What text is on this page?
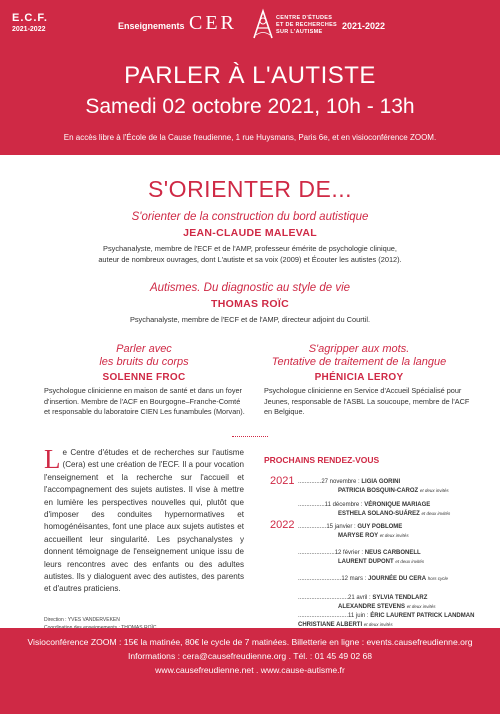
E.C.F.
2021-2022	Enseignements CER	CENTRE D'ÉTUDES
ET DE RECHERCHES
SUR L'AUTISME
2021-2022
PARLER À L'AUTISTE
Samedi 02 octobre 2021, 10h - 13h
En accès libre à l'École de la Cause freudienne, 1 rue Huysmans, Paris 6e, et en visioconférence ZOOM.
S'ORIENTER DE...
S'orienter de la construction du bord autistique
JEAN-CLAUDE MALEVAL
Psychanalyste, membre de l'ECF et de l'AMP, professeur émérite de psychologie clinique,
auteur de nombreux ouvrages, dont L'autiste et sa voix (2009) et Écouter les autistes (2012).
Autismes. Du diagnostic au style de vie
THOMAS ROÏC
Psychanalyste, membre de l'ECF et de l'AMP, directeur adjoint du Courtil.
Parler avec
les bruits du corps
SOLENNE FROC
Psychologue clinicienne en maison de santé et dans un foyer
d'insertion. Membre de l'ACF en Bourgogne–Franche-Comté
et responsable du laboratoire CIEN Les funambules (Morvan).
S'agripper aux mots.
Tentative de traitement de la langue
PHÉNICIA LEROY
Psychologue clinicienne en Service d'Accueil Spécialisé pour
Jeunes, responsable de l'ASBL La soucoupe, membre de l'ACF
en Belgique.
Le Centre d'études et de recherches sur l'autisme (Cera) est une création de l'ECF. Il a pour vocation l'enseignement et la recherche sur l'accueil et l'accompagnement des sujets autistes. Il vise à mettre en lumière les perspectives nouvelles qui, plutôt que d'imposer des conduites hypernormatives et homogénéisantes, font une place aux sujets autistes et accueillent leur singularité. Les psychanalystes y donnent témoignage de l'enseignement unique issu de leurs rencontres avec des enfants ou des adultes autistes. Ils y dialoguent avec des autistes, des parents et d'autres praticiens.
Direction : YVES VANDERVEKEN
PROCHAINS RENDEZ-VOUS
2021
2022
..............27 novembre : LIGIA GORINI
PATRICIA BOSQUIN-CAROZ et deux invités
................11 décembre : VÉRONIQUE MARIAGE
ESTHELA SOLANO-SUÁREZ et deux invités
.................15 janvier : GUY POBLOME
MARYSE ROY et deux invités
......................12 février : NEUS CARBONELL
LAURENT DUPONT et deux invités
..........................12 mars : JOURNÉE DU CERA hors cycle
..............................21 avril : SYLVIA TENDLARZ
ALEXANDRE STEVENS et deux invités
..............................11 juin : ÉRIC LAURENT PATRICK LANDMAN CHRISTIANE ALBERTI et deux invités
Visioconférence ZOOM : 15€ la matinée, 80€ le cycle de 7 matinées. Billetterie en ligne : events.causefreudienne.org
Informations : cera@causefreudienne.org . Tél. : 01 45 49 02 68
www.causefreudienne.net . www.cause-autisme.fr
